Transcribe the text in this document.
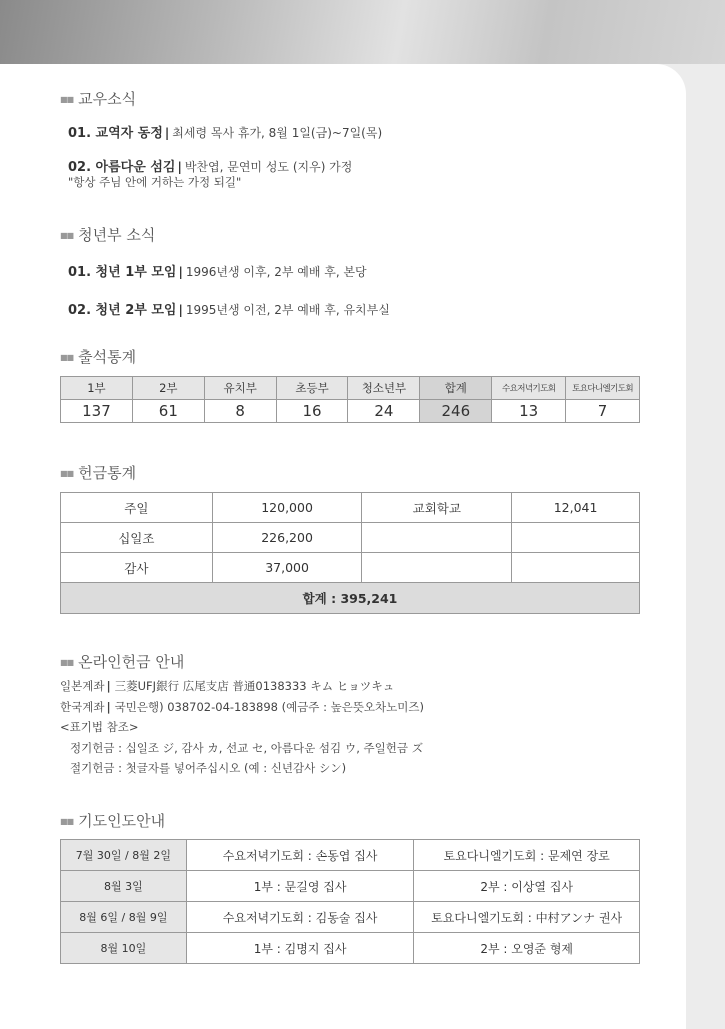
■■ 교우소식
01. 교역자 동정 | 최세령 목사 휴가, 8월 1일(금)~7일(목)
02. 아름다운 섬김 | 박찬엽, 문연미 성도 (지우) 가정
"항상 주님 안에 거하는 가정 되길"
■■ 청년부 소식
01. 청년 1부 모임 | 1996년생 이후, 2부 예배 후, 본당
02. 청년 2부 모임 | 1995년생 이전, 2부 예배 후, 유치부실
■■ 출석통계
1부	2부	유치부	초등부	청소년부	합계	수요저녁기도회	토요다니엘기도회
137	61	8	16	24	246	13	7
■■ 헌금통계
주일	120,000	교회학교	12,041
십일조	226,200		
감사	37,000		
합계 : 395,241			
■■ 온라인헌금 안내
일본계좌 | 三菱UFJ銀行 広尾支店 普通0138333 キム ヒョツキュ
한국계좌 | 국민은행) 038702-04-183898 (예금주 : 높은뜻오차노미즈)
<표기법 참조>
정기헌금 : 십일조 ジ, 감사 カ, 선교 セ, 아름다운 섬김 ウ, 주일헌금 ズ
절기헌금 : 첫글자를 넣어주십시오 (예 : 신년감사 シン)
■■ 기도인도안내
7월 30일 / 8월 2일	수요저녁기도회 : 손동엽 집사	토요다니엘기도회 : 문제연 장로
8월 3일	1부 : 문길영 집사	2부 : 이상열 집사
8월 6일 / 8월 9일	수요저녁기도회 : 김동술 집사	토요다니엘기도회 : 中村アンナ 권사
8월 10일	1부 : 김명지 집사	2부 : 오영준 형제
